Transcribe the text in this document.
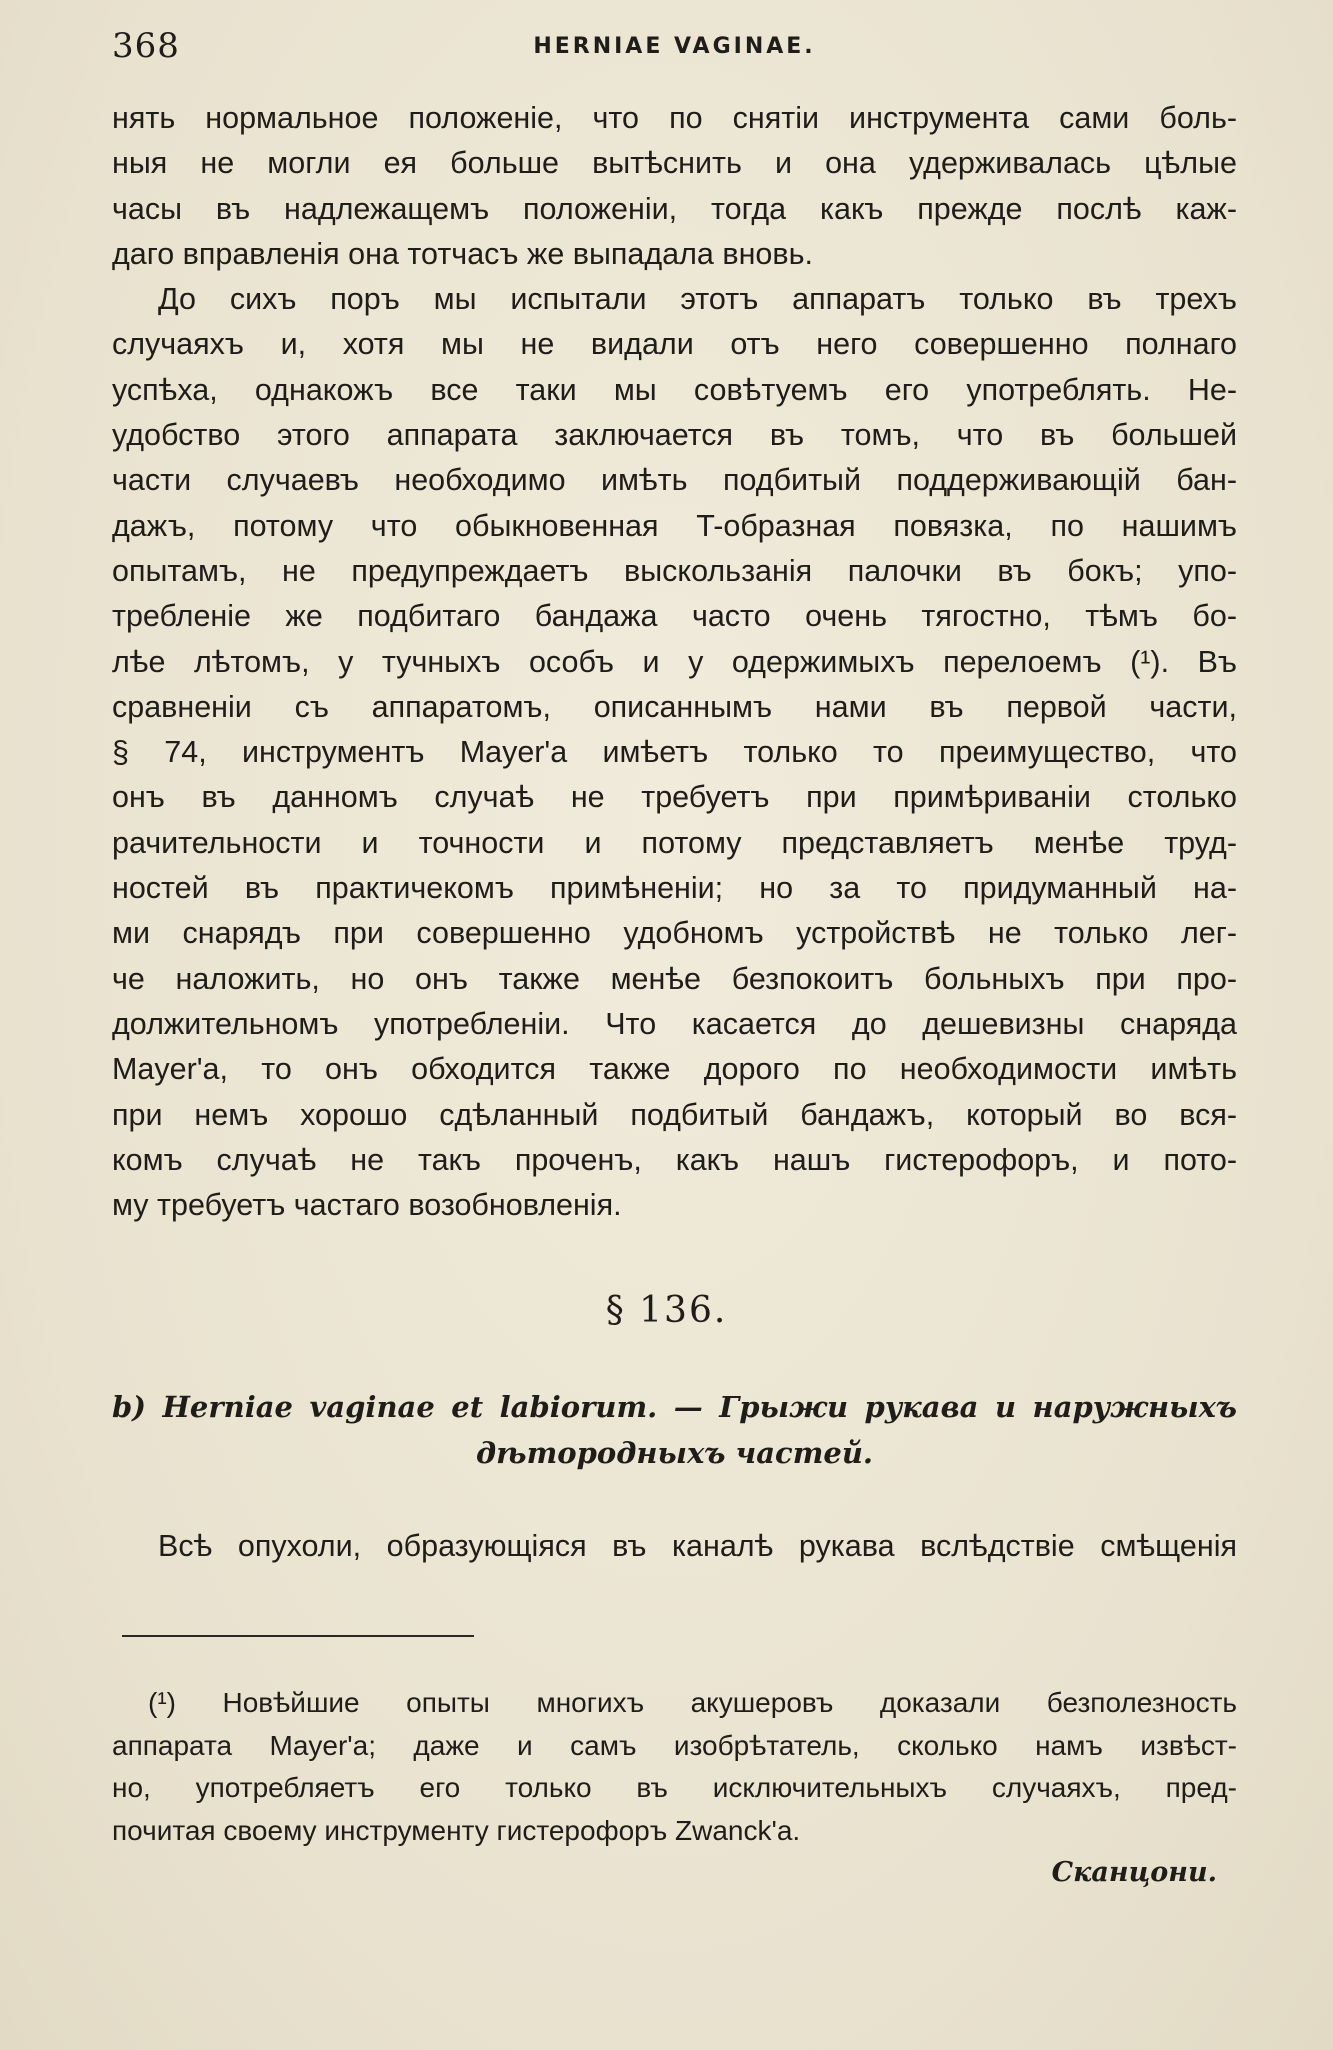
368	HERNIAE VAGINAE.
нять нормальное положенiе, что по снятiи инструмента сами боль-
ныя не могли ея больше вытѣснить и она удерживалась цѣлые
часы въ надлежащемъ положенiи, тогда какъ прежде послѣ каж-
даго вправленiя она тотчасъ же выпадала вновь.
До сихъ поръ мы испытали этотъ аппаратъ только въ трехъ
случаяхъ и, хотя мы не видали отъ него совершенно полнаго
успѣха, однакожъ все таки мы совѣтуемъ его употреблять. Не-
удобство этого аппарата заключается въ томъ, что въ большей
части случаевъ необходимо имѣть подбитый поддерживающiй бан-
дажъ, потому что обыкновенная T-образная повязка, по нашимъ
опытамъ, не предупреждаетъ выскользанiя палочки въ бокъ; упо-
требленiе же подбитаго бандажа часто очень тягостно, тѣмъ бо-
лѣе лѣтомъ, у тучныхъ особъ и у одержимыхъ перелоемъ (¹). Въ
сравненiи съ аппаратомъ, описаннымъ нами въ первой части,
§ 74, инструментъ Mayer'а имѣетъ только то преимущество, что
онъ въ данномъ случаѣ не требуетъ при примѣриванiи столько
рачительности и точности и потому представляетъ менѣе труд-
ностей въ практичекомъ примѣненiи; но за то придуманный на-
ми снарядъ при совершенно удобномъ устройствѣ не только лег-
че наложить, но онъ также менѣе безпокоитъ больныхъ при про-
должительномъ употребленiи. Что касается до дешевизны снаряда
Mayer'а, то онъ обходится также дорого по необходимости имѣть
при немъ хорошо сдѣланный подбитый бандажъ, который во вся-
комъ случаѣ не такъ проченъ, какъ нашъ гистерофоръ, и пото-
му требуетъ частаго возобновленiя.
§ 136.
b) Herniae vaginae et labiorum. — Грыжи рукава и наружныхъ
дѣтородныхъ частей.
Всѣ опухоли, образующiяся въ каналѣ рукава вслѣдствiе смѣщенiя
(¹) Новѣйшие опыты многихъ акушеровъ доказали безполезность
аппарата Mayer'а; даже и самъ изобрѣтатель, сколько намъ извѣст-
но, употребляетъ его только въ исключительныхъ случаяхъ, пред-
почитая своему инструменту гистерофоръ Zwanck'а.
Сканцони.
